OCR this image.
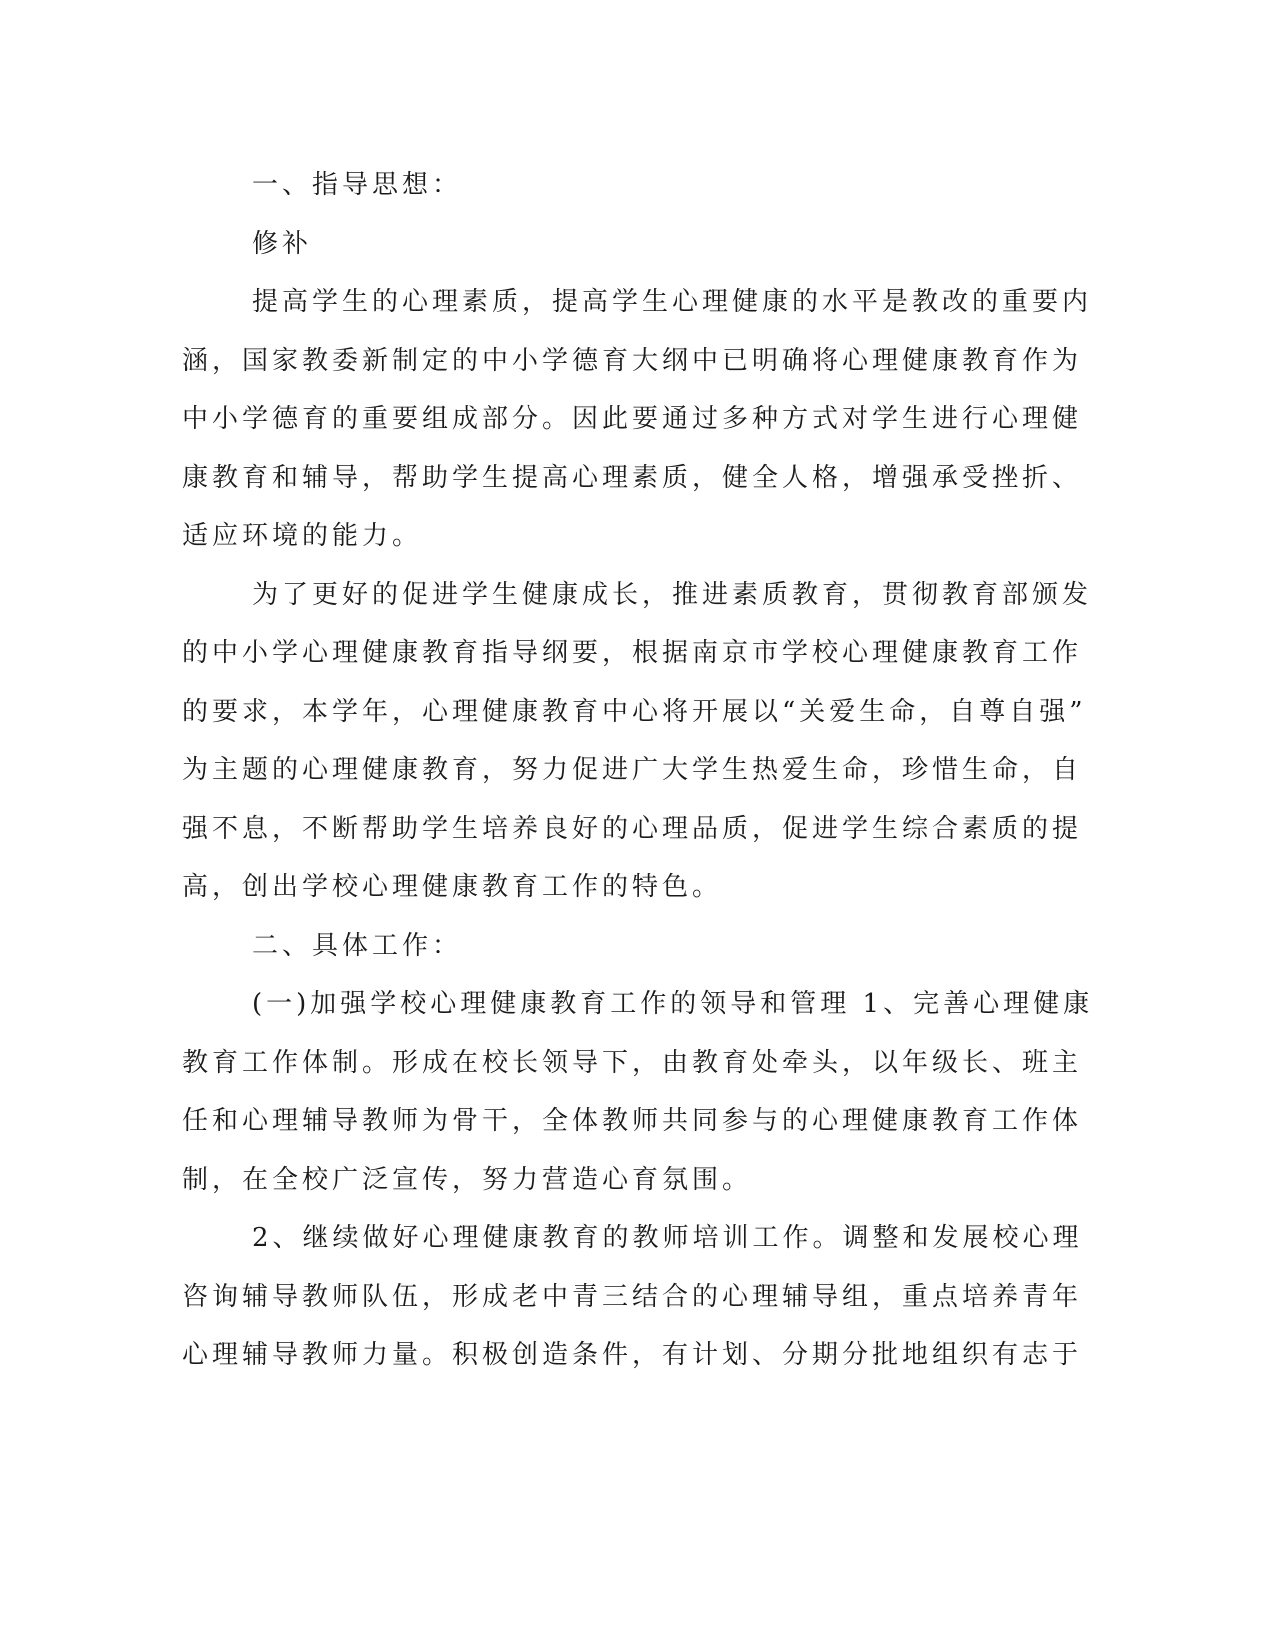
一、指导思想：
修补
提高学生的心理素质，提高学生心理健康的水平是教改的重要内
涵，国家教委新制定的中小学德育大纲中已明确将心理健康教育作为
中小学德育的重要组成部分。因此要通过多种方式对学生进行心理健
康教育和辅导，帮助学生提高心理素质，健全人格，增强承受挫折、
适应环境的能力。
为了更好的促进学生健康成长，推进素质教育，贯彻教育部颁发
的中小学心理健康教育指导纲要，根据南京市学校心理健康教育工作
的要求，本学年，心理健康教育中心将开展以“关爱生命，自尊自强”
为主题的心理健康教育，努力促进广大学生热爱生命，珍惜生命，自
强不息，不断帮助学生培养良好的心理品质，促进学生综合素质的提
高，创出学校心理健康教育工作的特色。
二、具体工作：
(一)加强学校心理健康教育工作的领导和管理 1、完善心理健康
教育工作体制。形成在校长领导下，由教育处牵头，以年级长、班主
任和心理辅导教师为骨干，全体教师共同参与的心理健康教育工作体
制，在全校广泛宣传，努力营造心育氛围。
2、继续做好心理健康教育的教师培训工作。调整和发展校心理
咨询辅导教师队伍，形成老中青三结合的心理辅导组，重点培养青年
心理辅导教师力量。积极创造条件，有计划、分期分批地组织有志于
